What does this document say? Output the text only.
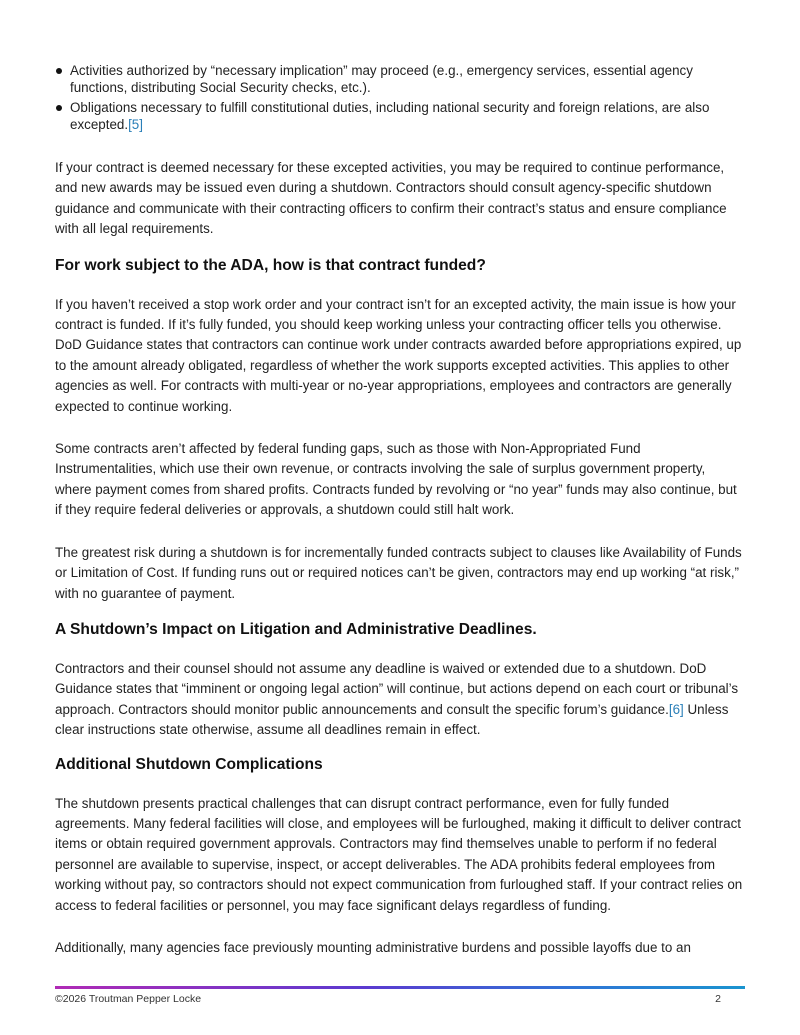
Activities authorized by “necessary implication” may proceed (e.g., emergency services, essential agency functions, distributing Social Security checks, etc.).
Obligations necessary to fulfill constitutional duties, including national security and foreign relations, are also excepted.[5]

If your contract is deemed necessary for these excepted activities, you may be required to continue performance, and new awards may be issued even during a shutdown. Contractors should consult agency-specific shutdown guidance and communicate with their contracting officers to confirm their contract’s status and ensure compliance with all legal requirements.

For work subject to the ADA, how is that contract funded?

If you haven’t received a stop work order and your contract isn’t for an excepted activity, the main issue is how your contract is funded. If it’s fully funded, you should keep working unless your contracting officer tells you otherwise. DoD Guidance states that contractors can continue work under contracts awarded before appropriations expired, up to the amount already obligated, regardless of whether the work supports excepted activities. This applies to other agencies as well. For contracts with multi-year or no-year appropriations, employees and contractors are generally expected to continue working.

Some contracts aren’t affected by federal funding gaps, such as those with Non-Appropriated Fund Instrumentalities, which use their own revenue, or contracts involving the sale of surplus government property, where payment comes from shared profits. Contracts funded by revolving or “no year” funds may also continue, but if they require federal deliveries or approvals, a shutdown could still halt work.

The greatest risk during a shutdown is for incrementally funded contracts subject to clauses like Availability of Funds or Limitation of Cost. If funding runs out or required notices can’t be given, contractors may end up working “at risk,” with no guarantee of payment.

A Shutdown’s Impact on Litigation and Administrative Deadlines.

Contractors and their counsel should not assume any deadline is waived or extended due to a shutdown. DoD Guidance states that “imminent or ongoing legal action” will continue, but actions depend on each court or tribunal’s approach. Contractors should monitor public announcements and consult the specific forum’s guidance.[6] Unless clear instructions state otherwise, assume all deadlines remain in effect.

Additional Shutdown Complications

The shutdown presents practical challenges that can disrupt contract performance, even for fully funded agreements. Many federal facilities will close, and employees will be furloughed, making it difficult to deliver contract items or obtain required government approvals. Contractors may find themselves unable to perform if no federal personnel are available to supervise, inspect, or accept deliverables. The ADA prohibits federal employees from working without pay, so contractors should not expect communication from furloughed staff. If your contract relies on access to federal facilities or personnel, you may face significant delays regardless of funding.

Additionally, many agencies face previously mounting administrative burdens and possible layoffs due to an

©2026 Troutman Pepper Locke	2
